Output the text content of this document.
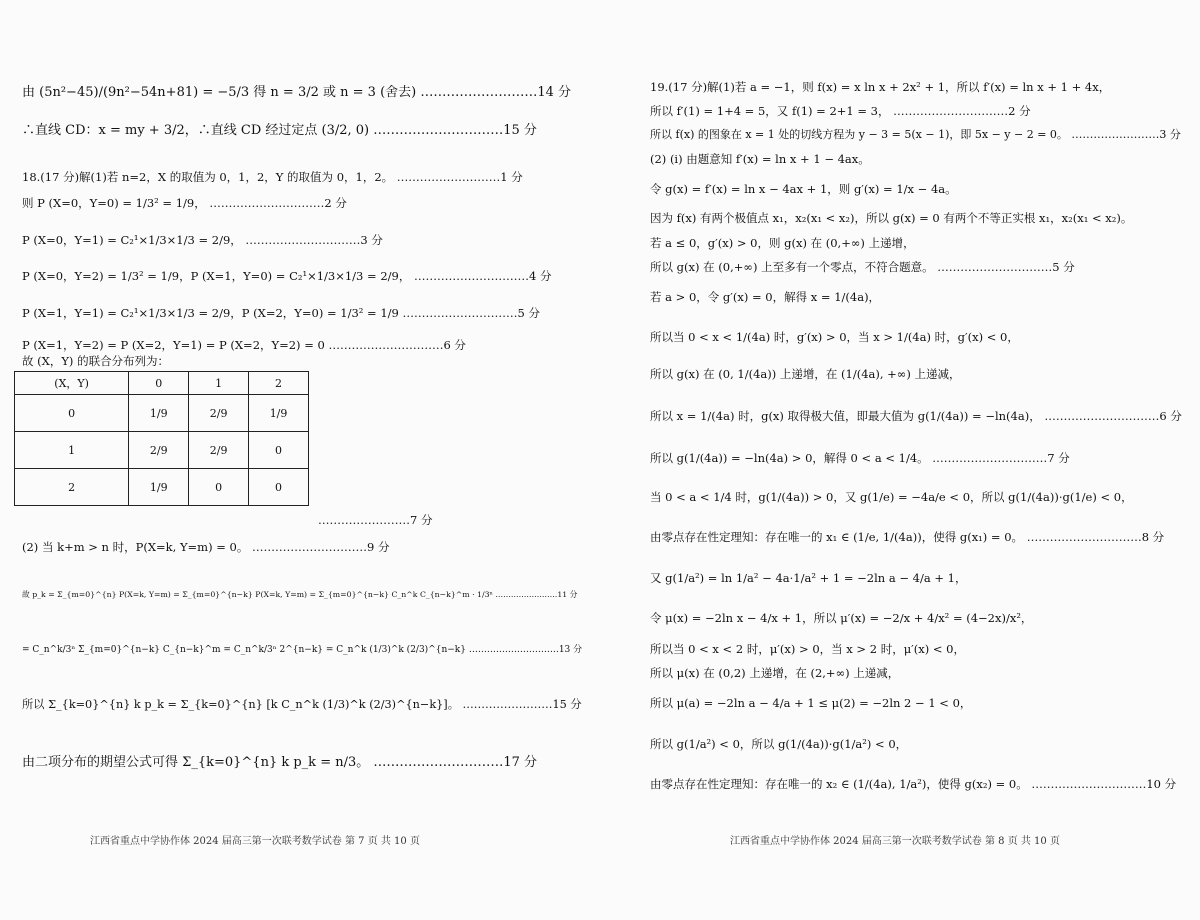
由 (5n²−45)/(9n²−54n+81) = −5/3 得 n = 3/2 或 n = 3 (舍去) ………………………14 分
∴直线 CD：x = my + 3/2，∴直线 CD 经过定点 (3/2, 0) …………………………15 分
18.(17 分)解(1)若 n=2，X 的取值为 0，1，2，Y 的取值为 0，1，2。 ………………………1 分
则 P (X=0，Y=0) = 1/3² = 1/9， …………………………2 分
P (X=0，Y=1) = C₂¹×1/3×1/3 = 2/9， …………………………3 分
P (X=0，Y=2) = 1/3² = 1/9，P (X=1，Y=0) = C₂¹×1/3×1/3 = 2/9， …………………………4 分
P (X=1，Y=1) = C₂¹×1/3×1/3 = 2/9，P (X=2，Y=0) = 1/3² = 1/9 …………………………5 分
P (X=1，Y=2) = P (X=2，Y=1) = P (X=2，Y=2) = 0 …………………………6 分
故 (X，Y) 的联合分布列为：
(X，Y)	0	1	2
0	1/9	2/9	1/9
1	2/9	2/9	0
2	1/9	0	0
……………………7 分
(2) 当 k+m > n 时，P(X=k, Y=m) = 0。 …………………………9 分
故 p_k = Σ_{m=0}^{n} P(X=k, Y=m) = Σ_{m=0}^{n−k} P(X=k, Y=m) = Σ_{m=0}^{n−k} C_n^k C_{n−k}^m · 1/3ⁿ ……………………11 分
= C_n^k/3ⁿ Σ_{m=0}^{n−k} C_{n−k}^m = C_n^k/3ⁿ 2^{n−k} = C_n^k (1/3)^k (2/3)^{n−k} …………………………13 分
所以 Σ_{k=0}^{n} k p_k = Σ_{k=0}^{n} [k C_n^k (1/3)^k (2/3)^{n−k}]。 ……………………15 分
由二项分布的期望公式可得 Σ_{k=0}^{n} k p_k = n/3。 …………………………17 分
江西省重点中学协作体 2024 届高三第一次联考数学试卷 第 7 页 共 10 页
19.(17 分)解(1)若 a = −1，则 f(x) = x ln x + 2x² + 1，所以 f′(x) = ln x + 1 + 4x，
所以 f′(1) = 1+4 = 5，又 f(1) = 2+1 = 3， …………………………2 分
所以 f(x) 的图象在 x = 1 处的切线方程为 y − 3 = 5(x − 1)，即 5x − y − 2 = 0。 ……………………3 分
(2) (i) 由题意知 f′(x) = ln x + 1 − 4ax。
令 g(x) = f′(x) = ln x − 4ax + 1，则 g′(x) = 1/x − 4a。
因为 f(x) 有两个极值点 x₁，x₂(x₁ < x₂)，所以 g(x) = 0 有两个不等正实根 x₁，x₂(x₁ < x₂)。
若 a ≤ 0，g′(x) > 0，则 g(x) 在 (0,+∞) 上递增，
所以 g(x) 在 (0,+∞) 上至多有一个零点，不符合题意。 …………………………5 分
若 a > 0，令 g′(x) = 0，解得 x = 1/(4a)，
所以当 0 < x < 1/(4a) 时，g′(x) > 0，当 x > 1/(4a) 时，g′(x) < 0，
所以 g(x) 在 (0, 1/(4a)) 上递增，在 (1/(4a), +∞) 上递减，
所以 x = 1/(4a) 时，g(x) 取得极大值，即最大值为 g(1/(4a)) = −ln(4a)， …………………………6 分
所以 g(1/(4a)) = −ln(4a) > 0，解得 0 < a < 1/4。 …………………………7 分
当 0 < a < 1/4 时，g(1/(4a)) > 0，又 g(1/e) = −4a/e < 0，所以 g(1/(4a))·g(1/e) < 0，
由零点存在性定理知：存在唯一的 x₁ ∈ (1/e, 1/(4a))，使得 g(x₁) = 0。 …………………………8 分
又 g(1/a²) = ln 1/a² − 4a·1/a² + 1 = −2ln a − 4/a + 1，
令 μ(x) = −2ln x − 4/x + 1，所以 μ′(x) = −2/x + 4/x² = (4−2x)/x²，
所以当 0 < x < 2 时，μ′(x) > 0，当 x > 2 时，μ′(x) < 0，
所以 μ(x) 在 (0,2) 上递增，在 (2,+∞) 上递减，
所以 μ(a) = −2ln a − 4/a + 1 ≤ μ(2) = −2ln 2 − 1 < 0，
所以 g(1/a²) < 0，所以 g(1/(4a))·g(1/a²) < 0，
由零点存在性定理知：存在唯一的 x₂ ∈ (1/(4a), 1/a²)，使得 g(x₂) = 0。 …………………………10 分
江西省重点中学协作体 2024 届高三第一次联考数学试卷 第 8 页 共 10 页
